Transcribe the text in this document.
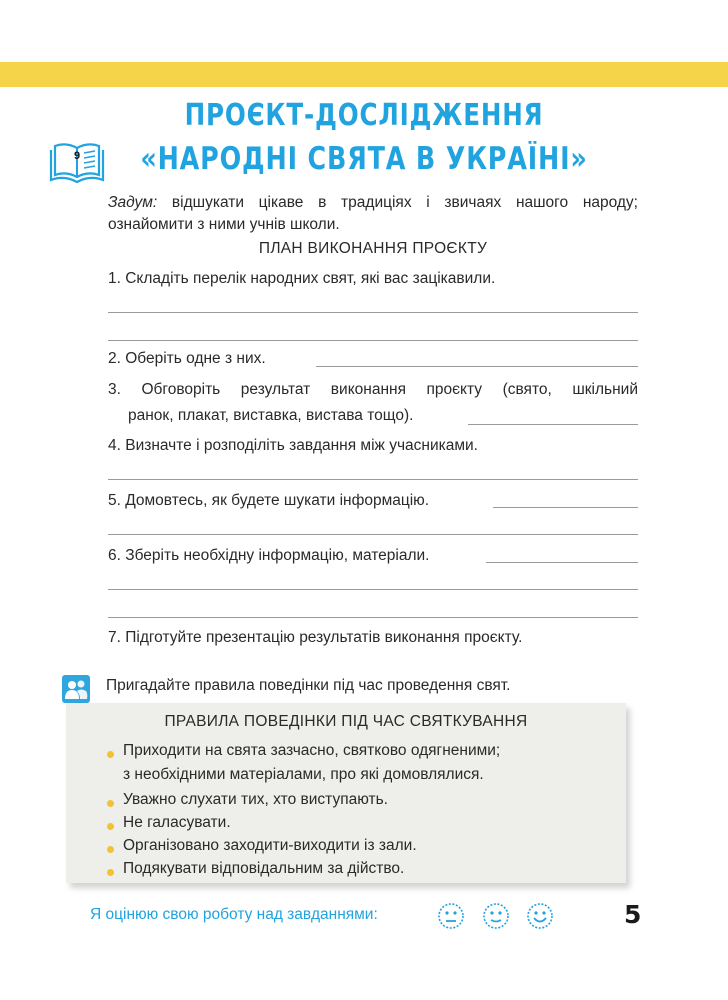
ПРОЄКТ-ДОСЛІДЖЕННЯ
«НАРОДНІ СВЯТА В УКРАЇНІ»
9
Задум: відшукати цікаве в традиціях і звичаях нашого народу;
ознайомити з ними учнів школи.
ПЛАН ВИКОНАННЯ ПРОЄКТУ
1. Складіть перелік народних свят, які вас зацікавили.
2. Оберіть одне з них.
3. Обговоріть результат виконання проєкту (свято, шкільний
ранок, плакат, виставка, вистава тощо).
4. Визначте і розподіліть завдання між учасниками.
5. Домовтесь, як будете шукати інформацію.
6. Зберіть необхідну інформацію, матеріали.
7. Підготуйте презентацію результатів виконання проєкту.
Пригадайте правила поведінки під час проведення свят.
ПРАВИЛА ПОВЕДІНКИ ПІД ЧАС СВЯТКУВАННЯ
Приходити на свята зазчасно, святково одягненими;
з необхідними матеріалами, про які домовлялися.
Уважно слухати тих, хто виступають.
Не галасувати.
Організовано заходити-виходити із зали.
Подякувати відповідальним за дійство.
Я оцінюю свою роботу над завданнями:	5
